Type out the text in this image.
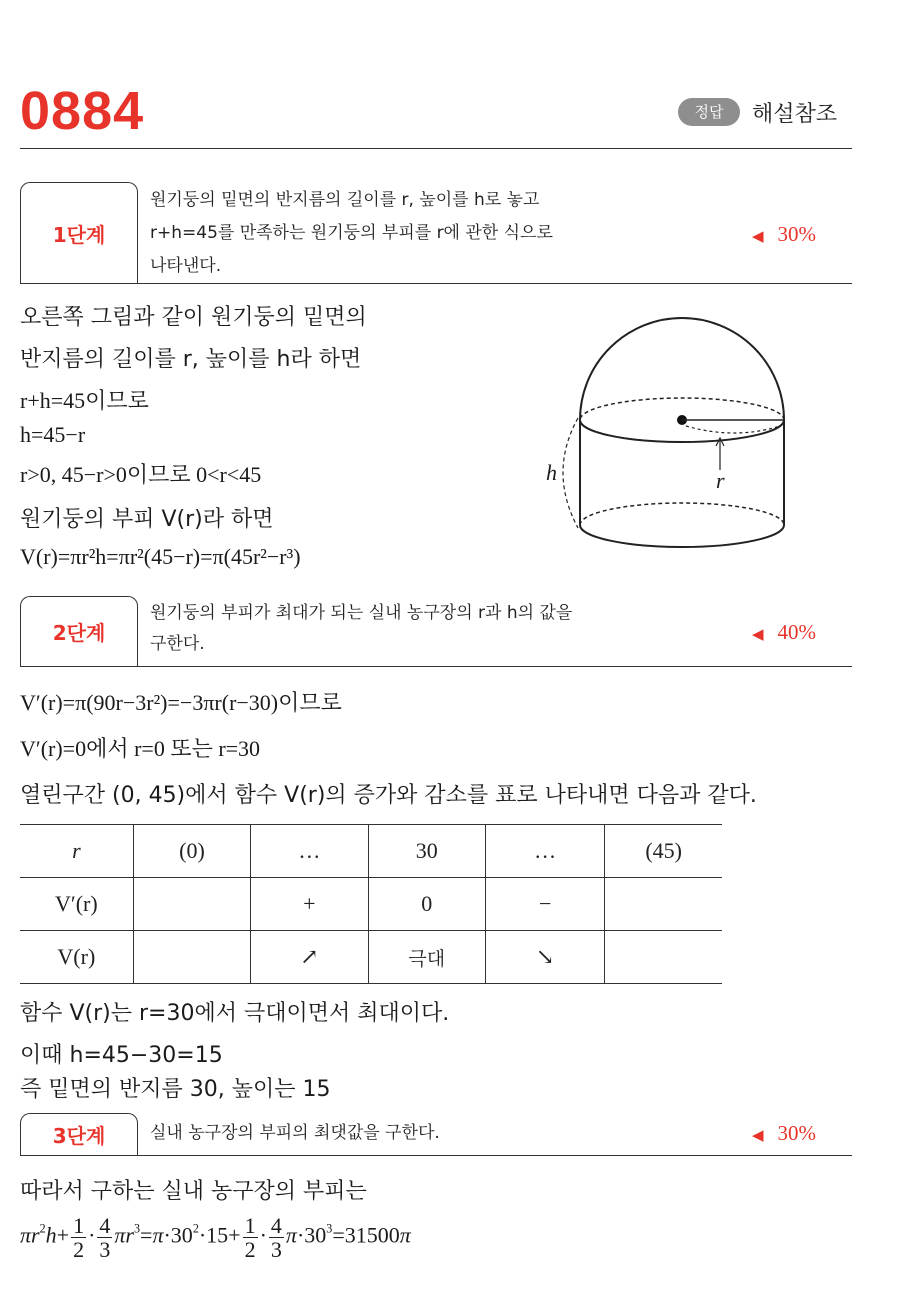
0884	정답	해설참조
1단계
원기둥의 밑면의 반지름의 길이를 r, 높이를 h로 놓고
r+h=45를 만족하는 원기둥의 부피를 r에 관한 식으로
나타낸다.
◀ 30%
오른쪽 그림과 같이 원기둥의 밑면의
반지름의 길이를 r, 높이를 h라 하면
r+h=45이므로
h=45−r
r>0, 45−r>0이므로 0<r<45
원기둥의 부피 V(r)라 하면
V(r)=πr²h=πr²(45−r)=π(45r²−r³)
r
h
2단계
원기둥의 부피가 최대가 되는 실내 농구장의 r과 h의 값을
구한다.	◀ 40%
V′(r)=π(90r−3r²)=−3πr(r−30)이므로
V′(r)=0에서 r=0 또는 r=30
열린구간 (0, 45)에서 함수 V(r)의 증가와 감소를 표로 나타내면 다음과 같다.
r	(0)	…	30	…	(45)
V′(r)		+	0	−	
V(r)		↗	극대	↘	
함수 V(r)는 r=30에서 극대이면서 최대이다.
이때 h=45−30=15
즉 밑면의 반지름 30, 높이는 15
3단계	실내 농구장의 부피의 최댓값을 구한다.	◀ 30%
따라서 구하는 실내 농구장의 부피는
$\pi r^2h+ \frac{1}{2} \cdot \frac{4}{3} \pi r^3=\pi\cdot 30^2\cdot 15+ \frac{1}{2} \cdot \frac{4}{3} \pi\cdot 30^3=31500\pi$
